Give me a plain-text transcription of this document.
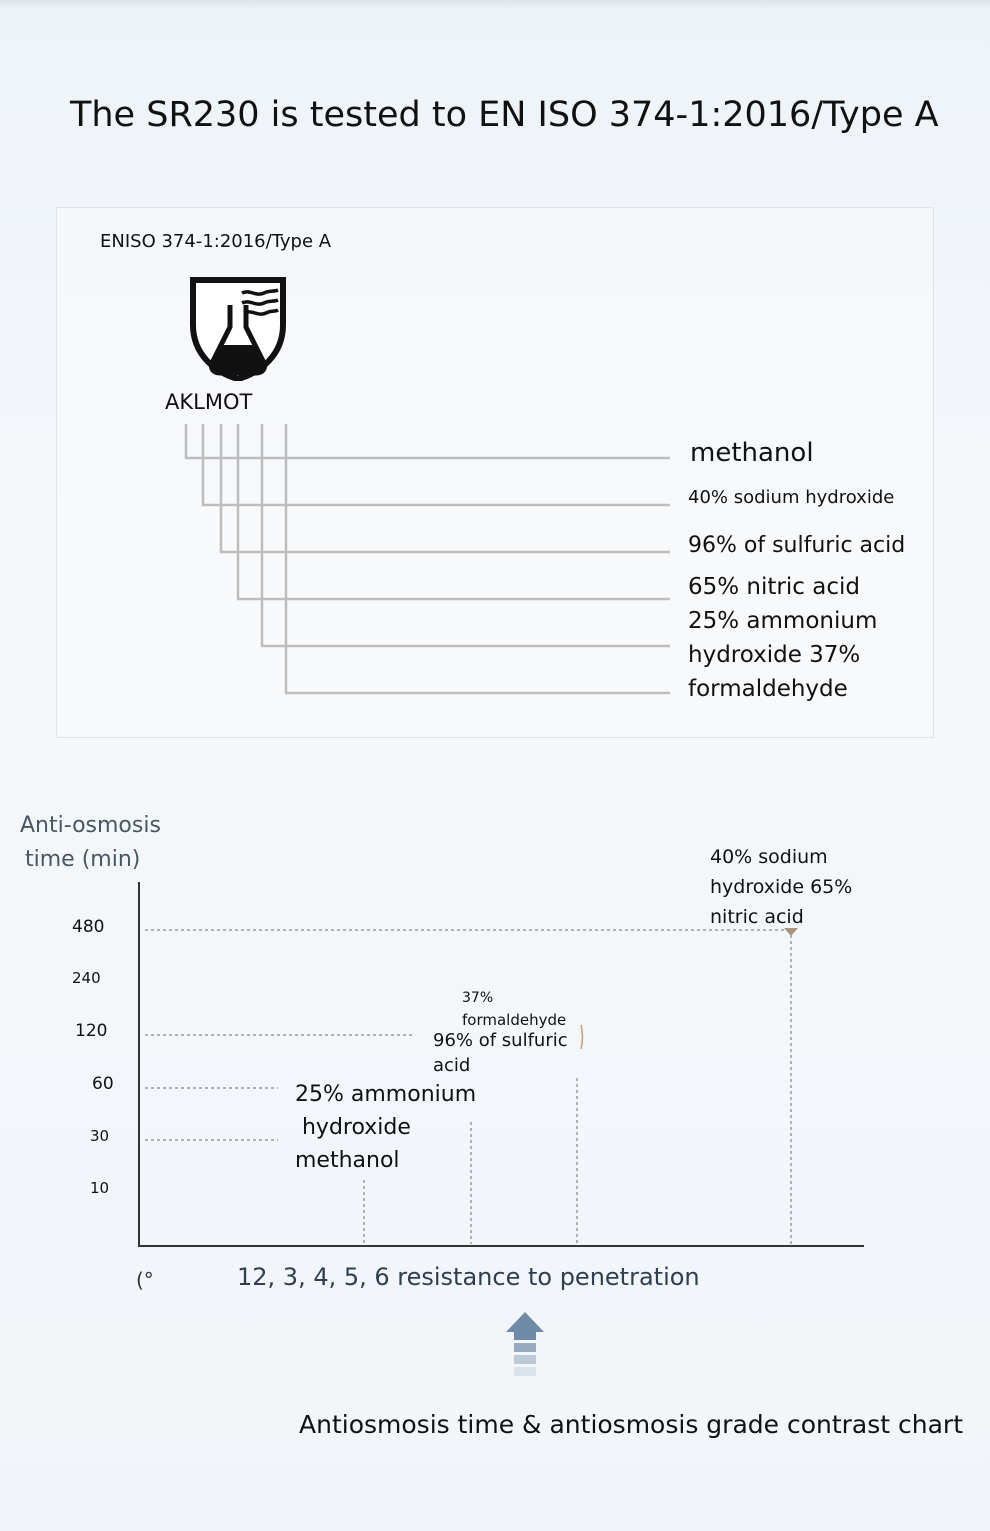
The SR230 is tested to EN ISO 374-1:2016/Type A
ENISO 374-1:2016/Type A
AKLMOT
methanol
40% sodium hydroxide
96% of sulfuric acid
65% nitric acid
25% ammonium
hydroxide 37%
formaldehyde
Anti-osmosis
time (min)
480
240
120
60
30
10
25% ammonium
hydroxide
methanol
37%
formaldehyde
96% of sulfuric
acid
40% sodium
hydroxide 65%
nitric acid
(°	12, 3, 4, 5, 6 resistance to penetration
Antiosmosis time & antiosmosis grade contrast chart
